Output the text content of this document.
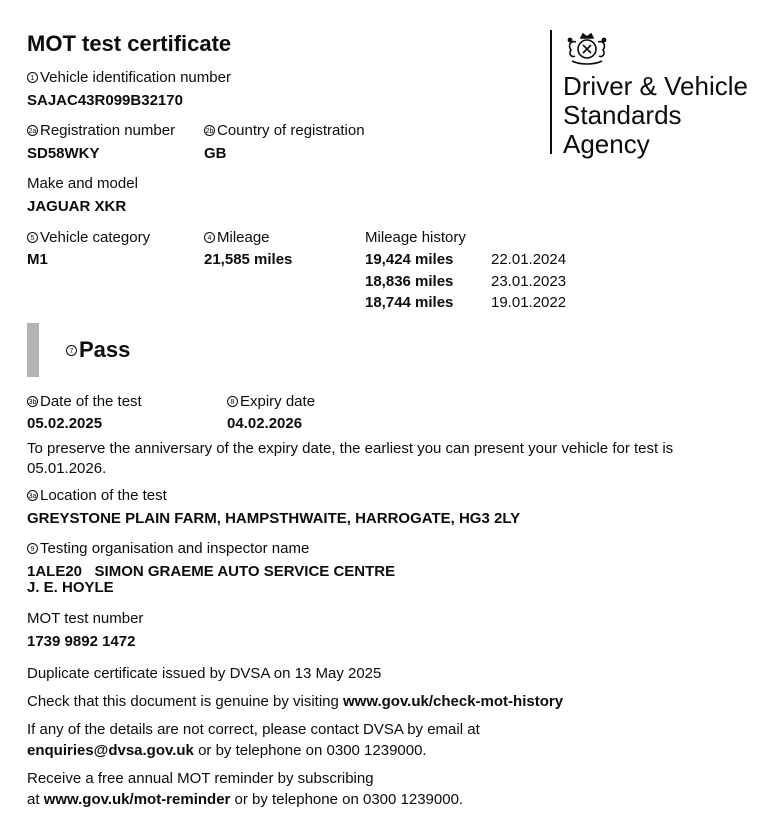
MOT test certificate
Driver & Vehicle
Standards
Agency
1 Vehicle identification number
SAJAC43R099B32170
2a Registration number
SD58WKY
2b Country of registration
GB
Make and model
JAGUAR XKR
5 Vehicle category
M1
4 Mileage
21,585 miles
Mileage history
19,424 miles	22.01.2024
18,836 miles	23.01.2023
18,744 miles	19.01.2022
7 Pass
3b Date of the test
05.02.2025
8 Expiry date
04.02.2026
To preserve the anniversary of the expiry date, the earliest you can present your vehicle for test is 05.01.2026.
3a Location of the test
GREYSTONE PLAIN FARM, HAMPSTHWAITE, HARROGATE, HG3 2LY
9 Testing organisation and inspector name
1ALE20 SIMON GRAEME AUTO SERVICE CENTRE
J. E. HOYLE
MOT test number
1739 9892 1472
Duplicate certificate issued by DVSA on 13 May 2025
Check that this document is genuine by visiting www.gov.uk/check-mot-history
If any of the details are not correct, please contact DVSA by email at
enquiries@dvsa.gov.uk or by telephone on 0300 1239000.
Receive a free annual MOT reminder by subscribing
at www.gov.uk/mot-reminder or by telephone on 0300 1239000.
